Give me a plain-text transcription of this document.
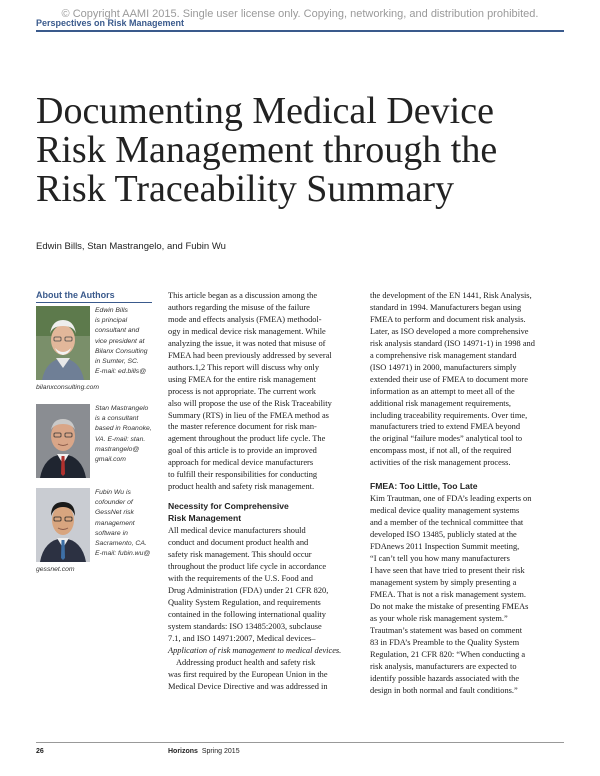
© Copyright AAMI 2015. Single user license only. Copying, networking, and distribution prohibited.
Perspectives on Risk Management
Documenting Medical Device
Risk Management through the
Risk Traceability Summary
Edwin Bills, Stan Mastrangelo, and Fubin Wu
About the Authors
Edwin Bills
is principal
consultant and
vice president at
Bilanx Consulting
in Sumter, SC.
E-mail: ed.bills@
bilanxconsulting.com
Stan Mastrangelo
is a consultant
based in Roanoke,
VA. E-mail: stan.
mastrangelo@
gmail.com
Fubin Wu is
cofounder of
GessNet risk
management
software in
Sacramento, CA.
E-mail: fubin.wu@
gessnet.com
This article began as a discussion among the
authors regarding the misuse of the failure
mode and effects analysis (FMEA) methodol-
ogy in medical device risk management. While
analyzing the issue, it was noted that misuse of
FMEA had been previously addressed by several
authors.1,2 This report will discuss why only
using FMEA for the entire risk management
process is not appropriate. The current work
also will propose the use of the Risk Traceability
Summary (RTS) in lieu of the FMEA method as
the master reference document for risk man-
agement throughout the product life cycle. The
goal of this article is to provide an improved
approach for medical device manufacturers
to fulfill their responsibilities for conducting
product health and safety risk management.
Necessity for Comprehensive
Risk Management
All medical device manufacturers should
conduct and document product health and
safety risk management. This should occur
throughout the product life cycle in accordance
with the requirements of the U.S. Food and
Drug Administration (FDA) under 21 CFR 820,
Quality System Regulation, and requirements
contained in the following international quality
system standards: ISO 13485:2003, subclause
7.1, and ISO 14971:2007, Medical devices–
Application of risk management to medical devices.
Addressing product health and safety risk
was first required by the European Union in the
Medical Device Directive and was addressed in
the development of the EN 1441, Risk Analysis,
standard in 1994. Manufacturers began using
FMEA to perform and document risk analysis.
Later, as ISO developed a more comprehensive
risk analysis standard (ISO 14971-1) in 1998 and
a comprehensive risk management standard
(ISO 14971) in 2000, manufacturers simply
extended their use of FMEA to document more
information as an attempt to meet all of the
additional risk management requirements,
including traceability requirements. Over time,
manufacturers tried to extend FMEA beyond
the original “failure modes” analytical tool to
encompass most, if not all, of the required
activities of the risk management process.
FMEA: Too Little, Too Late
Kim Trautman, one of FDA’s leading experts on
medical device quality management systems
and a member of the technical committee that
developed ISO 13485, publicly stated at the
FDAnews 2011 Inspection Summit meeting,
“I can’t tell you how many manufacturers
I have seen that have tried to present their risk
management system by simply presenting a
FMEA. That is not a risk management system.
Do not make the mistake of presenting FMEAs
as your whole risk management system.”
Trautman’s statement was based on comment
83 in FDA’s Preamble to the Quality System
Regulation, 21 CFR 820: “When conducting a
risk analysis, manufacturers are expected to
identify possible hazards associated with the
design in both normal and fault conditions.”
26	Horizons Spring 2015
